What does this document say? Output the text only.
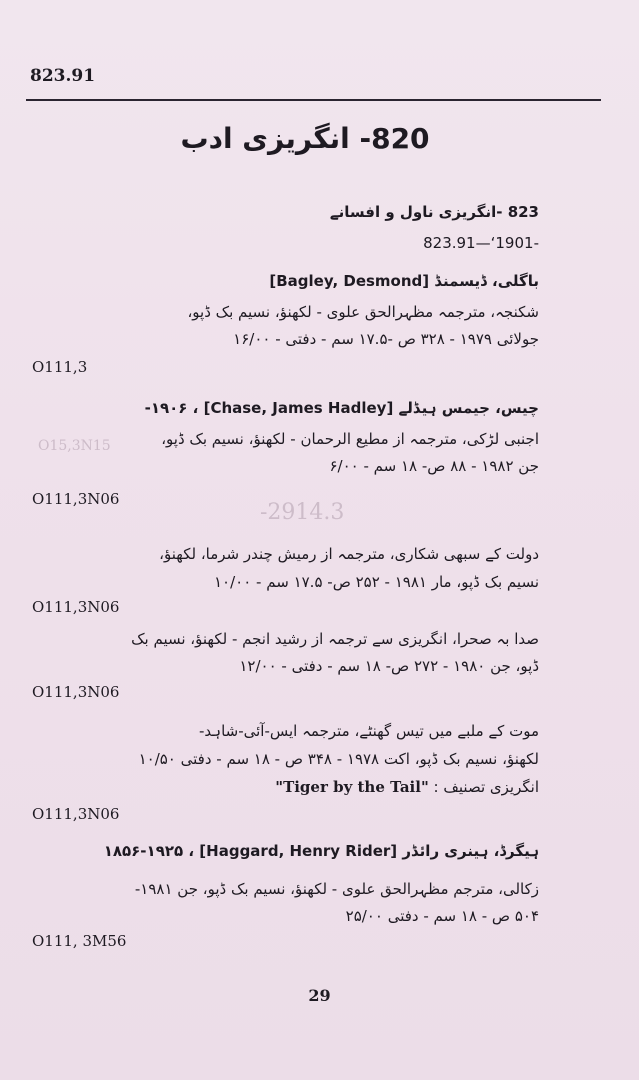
O15,3N15
-2914.3
823.91
820- انگریزی ادب
823 -انگریزی ناول و افسانے
-1901‘—823.91
باگلی، ڈیسمنڈ [Bagley, Desmond]
شکنجہ، مترجمہ مظہرالحق علوی - لکھنؤ، نسیم بک ڈپو،
جولائی ۱۹۷۹ - ۳۲۸ ص -۱۷.۵ سم - دفتی - ۱۶/۰۰
O111,3
چیس، جیمس ہیڈلے [Chase, James Hadley] ، ۱۹۰۶-
اجنبی لڑکی، مترجمہ از مطیع الرحمان - لکھنؤ، نسیم بک ڈپو،
جن ۱۹۸۲ - ۸۸ ص- ۱۸ سم - ۶/۰۰
O111,3N06
دولت کے سبھی شکاری، مترجمہ از رمیش چندر شرما، لکھنؤ،
نسیم بک ڈپو، مار ۱۹۸۱ - ۲۵۲ ص- ۱۷.۵ سم - ۱۰/۰۰
O111,3N06
صدا بہ صحرا، انگریزی سے ترجمہ از رشید انجم - لکھنؤ، نسیم بک
ڈپو، جن ۱۹۸۰ - ۲۷۲ ص- ۱۸ سم - دفتی - ۱۲/۰۰
O111,3N06
موت کے ملبے میں تیس گھنٹے، مترجمہ ایس-آئی-شاہد-
لکھنؤ، نسیم بک ڈپو، اکت ۱۹۷۸ - ۳۴۸ ص - ۱۸ سم - دفتی ۱۰/۵۰
انگریزی تصنیف : "Tiger by the Tail"
O111,3N06
ہیگرڈ، ہینری رائڈر [Haggard, Henry Rider] ، ۱۸۵۶-۱۹۲۵
زکالی، مترجم مظہرالحق علوی - لکھنؤ، نسیم بک ڈپو، جن ۱۹۸۱-
۵۰۴ ص - ۱۸ سم - دفتی ۲۵/۰۰
O111, 3M56
29
